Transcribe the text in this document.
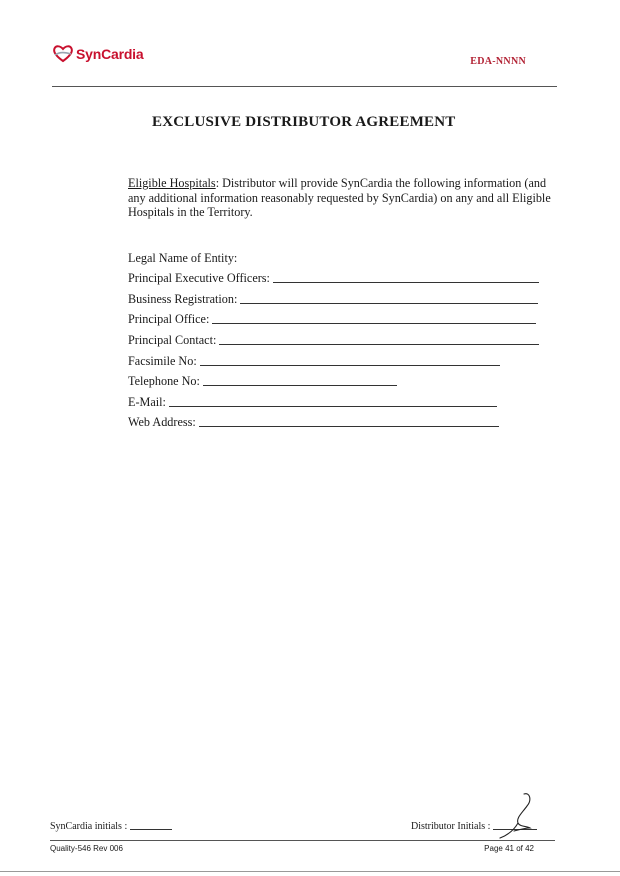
SynCardia	EDA-NNNN
EXCLUSIVE DISTRIBUTOR AGREEMENT
Eligible Hospitals: Distributor will provide SynCardia the following information (and any additional information reasonably requested by SynCardia) on any and all Eligible Hospitals in the Territory.
Legal Name of Entity:
Principal Executive Officers:
Business Registration:
Principal Office:
Principal Contact:
Facsimile No:
Telephone No:
E-Mail:
Web Address:
SynCardia initials :	Distributor Initials :
Quality-546 Rev 006	Page 41 of 42
